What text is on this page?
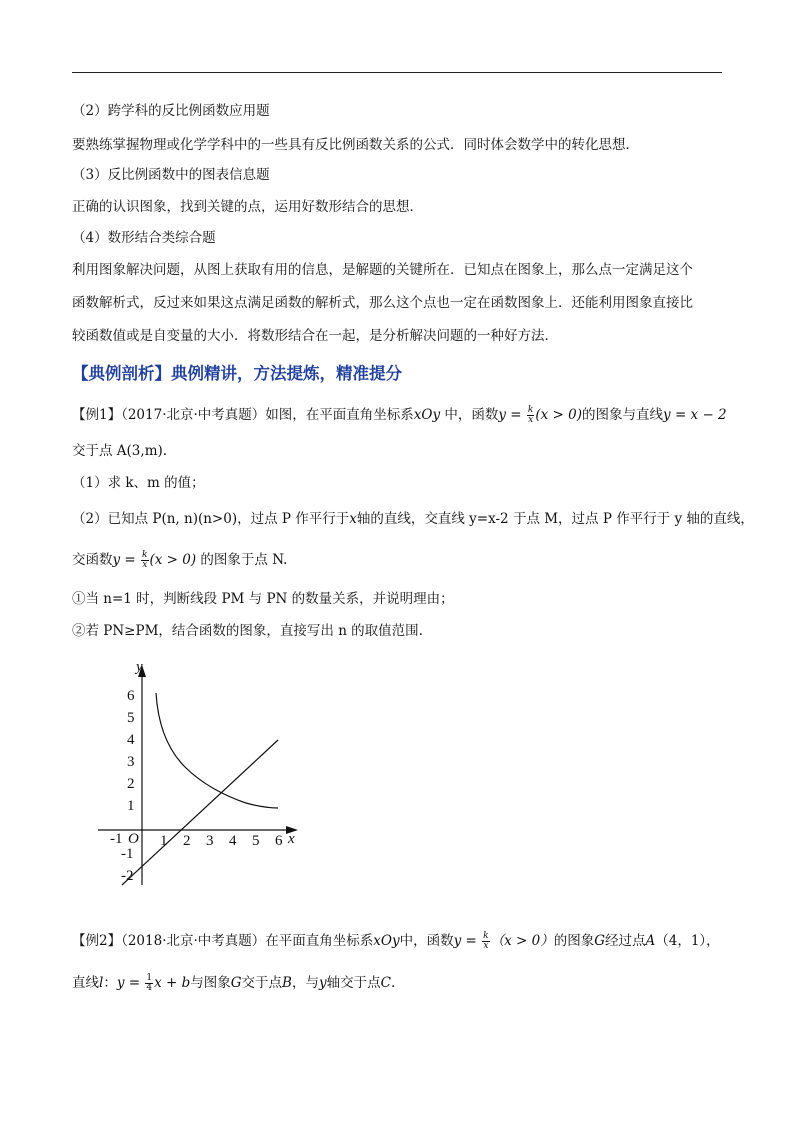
（2）跨学科的反比例函数应用题
要熟练掌握物理或化学学科中的一些具有反比例函数关系的公式．同时体会数学中的转化思想．
（3）反比例函数中的图表信息题
正确的认识图象，找到关键的点，运用好数形结合的思想．
（4）数形结合类综合题
利用图象解决问题，从图上获取有用的信息，是解题的关键所在．已知点在图象上，那么点一定满足这个
函数解析式，反过来如果这点满足函数的解析式，那么这个点也一定在函数图象上．还能利用图象直接比
较函数值或是自变量的大小．将数形结合在一起，是分析解决问题的一种好方法．
【典例剖析】典例精讲，方法提炼，精准提分
【例1】（2017·北京·中考真题）如图，在平面直角坐标系xOy 中，函数$y = \frac{k}{x} (x > 0)$的图象与直线y = x − 2
交于点 A(3,m).
（1）求 k、m 的值；
（2）已知点 P(n, n)(n>0)，过点 P 作平行于x轴的直线，交直线 y=x-2 于点 M，过点 P 作平行于 y 轴的直线，
交函数$y = \frac{k}{x} (x > 0)$ 的图象于点 N.
①当 n=1 时，判断线段 PM 与 PN 的数量关系，并说明理由；
②若 PN≥PM，结合函数的图象，直接写出 n 的取值范围.
y
x
O
-1	1 2 3 4 5 6
6
5
4
3
2
1
-1
-2
【例2】（2018·北京·中考真题）在平面直角坐标系xOy中，函数$y = \frac{k}{x} (x > 0)$的图象G经过点A（4，1），
直线l：$y = \frac{1}{4}$ x + b与图象G交于点B，与y轴交于点C.
